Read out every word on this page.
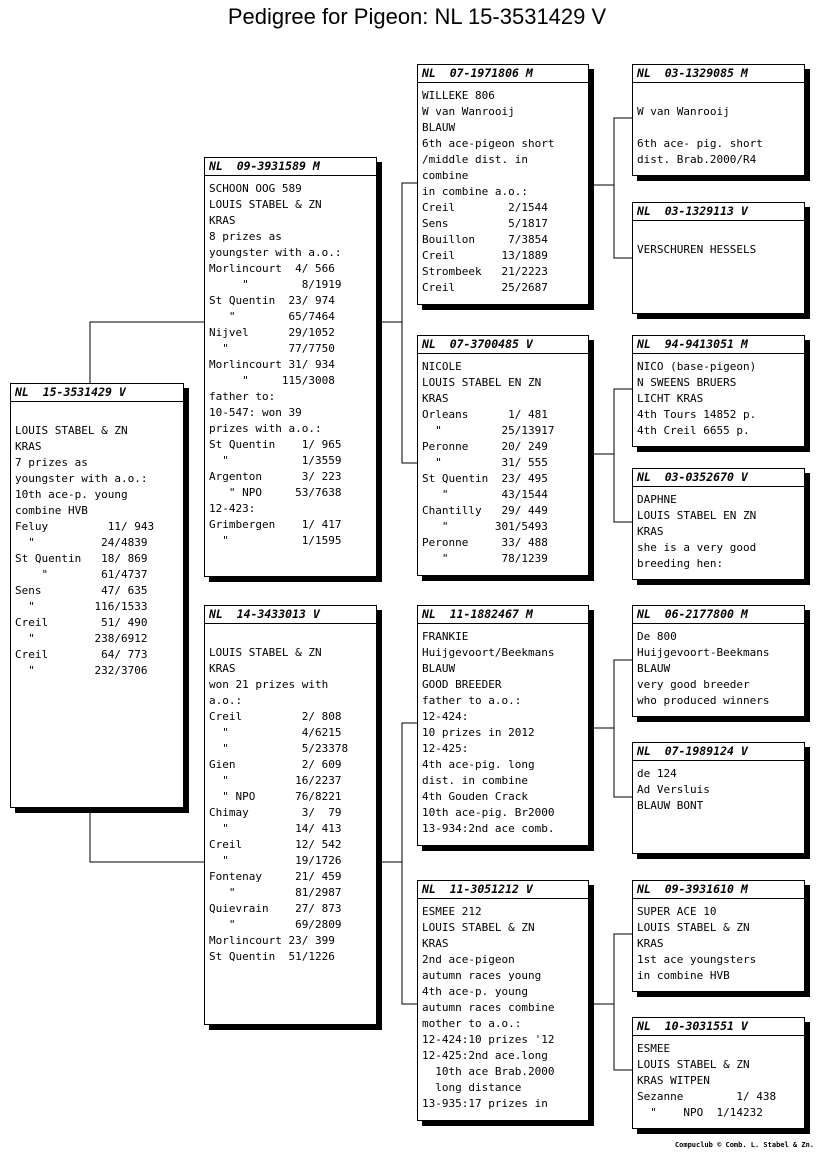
Pedigree for Pigeon: NL 15-3531429 V
NL  15-3531429 V

LOUIS STABEL & ZN
KRAS
7 prizes as
youngster with a.o.:
10th ace-p. young
combine HVB
Feluy         11/ 943
"          24/4839
St Quentin   18/ 869
"        61/4737
Sens         47/ 635
"         116/1533
Creil        51/ 490
"         238/6912
Creil        64/ 773
"         232/3706
NL  09-3931589 M
SCHOON OOG 589
LOUIS STABEL & ZN
KRAS
8 prizes as
youngster with a.o.:
Morlincourt  4/ 566
"        8/1919
St Quentin  23/ 974
"        65/7464
Nijvel      29/1052
"         77/7750
Morlincourt 31/ 934
"     115/3008
father to:
10-547: won 39
prizes with a.o.:
St Quentin    1/ 965
"           1/3559
Argenton      3/ 223
" NPO     53/7638
12-423:
Grimbergen    1/ 417
"           1/1595
NL  14-3433013 V

LOUIS STABEL & ZN
KRAS
won 21 prizes with
a.o.:
Creil         2/ 808
"           4/6215
"           5/23378
Gien          2/ 609
"          16/2237
" NPO      76/8221
Chimay        3/  79
"          14/ 413
Creil        12/ 542
"          19/1726
Fontenay     21/ 459
"         81/2987
Quievrain    27/ 873
"         69/2809
Morlincourt 23/ 399
St Quentin  51/1226
NL  07-1971806 M
WILLEKE 806
W van Wanrooij
BLAUW
6th ace-pigeon short
/middle dist. in
combine
in combine a.o.:
Creil        2/1544
Sens         5/1817
Bouillon     7/3854
Creil       13/1889
Strombeek   21/2223
Creil       25/2687
NL  07-3700485 V
NICOLE
LOUIS STABEL EN ZN
KRAS
Orleans      1/ 481
"         25/13917
Peronne     20/ 249
"         31/ 555
St Quentin  23/ 495
"        43/1544
Chantilly   29/ 449
"       301/5493
Peronne     33/ 488
"        78/1239
NL  11-1882467 M
FRANKIE
Huijgevoort/Beekmans
BLAUW
GOOD BREEDER
father to a.o.:
12-424:
10 prizes in 2012
12-425:
4th ace-pig. long
dist. in combine
4th Gouden Crack
10th ace-pig. Br2000
13-934:2nd ace comb.
NL  11-3051212 V
ESMEE 212
LOUIS STABEL & ZN
KRAS
2nd ace-pigeon
autumn races young
4th ace-p. young
autumn races combine
mother to a.o.:
12-424:10 prizes '12
12-425:2nd ace.long
10th ace Brab.2000
long distance
13-935:17 prizes in
NL  03-1329085 M

W van Wanrooij

6th ace- pig. short
dist. Brab.2000/R4
NL  03-1329113 V

VERSCHUREN HESSELS
NL  94-9413051 M
NICO (base-pigeon)
N SWEENS BRUERS
LICHT KRAS
4th Tours 14852 p.
4th Creil 6655 p.
NL  03-0352670 V
DAPHNE
LOUIS STABEL EN ZN
KRAS
she is a very good
breeding hen:
NL  06-2177800 M
De 800
Huijgevoort-Beekmans
BLAUW
very good breeder
who produced winners
NL  07-1989124 V
de 124
Ad Versluis
BLAUW BONT
NL  09-3931610 M
SUPER ACE 10
LOUIS STABEL & ZN
KRAS
1st ace youngsters
in combine HVB
NL  10-3031551 V
ESMEE
LOUIS STABEL & ZN
KRAS WITPEN
Sezanne        1/ 438
"    NPO  1/14232
Compuclub © Comb. L. Stabel & Zn.
